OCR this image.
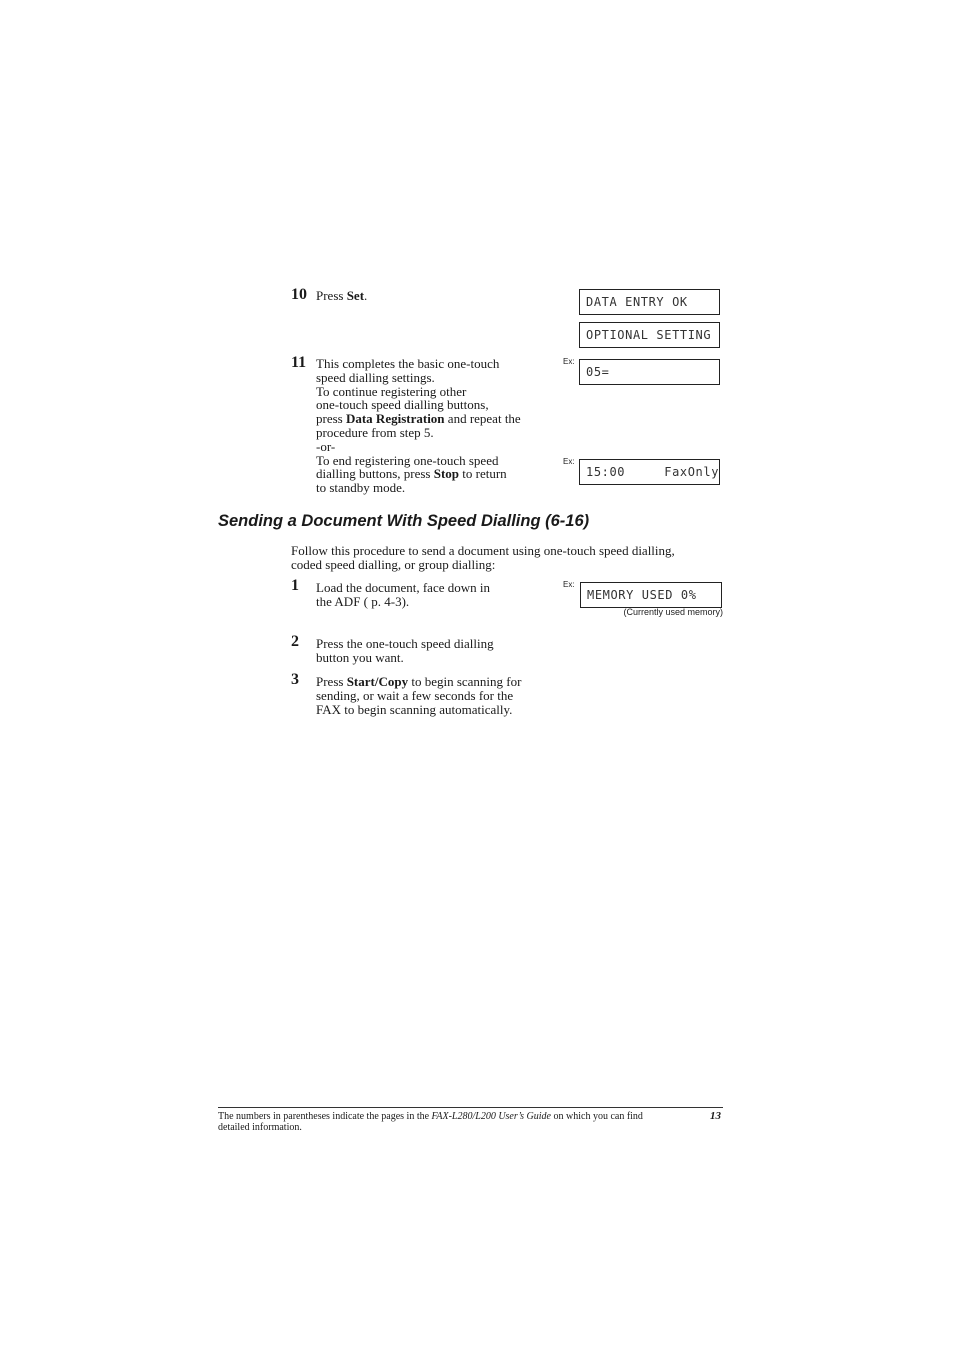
10 Press Set.	DATA ENTRY OK
OPTIONAL SETTING
11 This completes the basic one-touch

speed dialling settings.

To continue registering other

one-touch speed dialling buttons,

press Data Registration and repeat the

procedure from step 5.

-or-

To end registering one-touch speed

dialling buttons, press Stop to return

to standby mode.

Ex:
05=
Ex:
15:00     FaxOnly
Sending a Document With Speed Dialling (6-16)

Follow this procedure to send a document using one-touch speed dialling,

coded speed dialling, or group dialling:

1 Load the document, face down in

the ADF ( p. 4-3).

Ex:
MEMORY USED 0%
(Currently used memory)
2 Press the one-touch speed dialling

button you want.

3 Press Start/Copy to begin scanning for

sending, or wait a few seconds for the

FAX to begin scanning automatically.

The numbers in parentheses indicate the pages in the FAX-L280/L200 User’s Guide on which you can find
detailed information.
13
